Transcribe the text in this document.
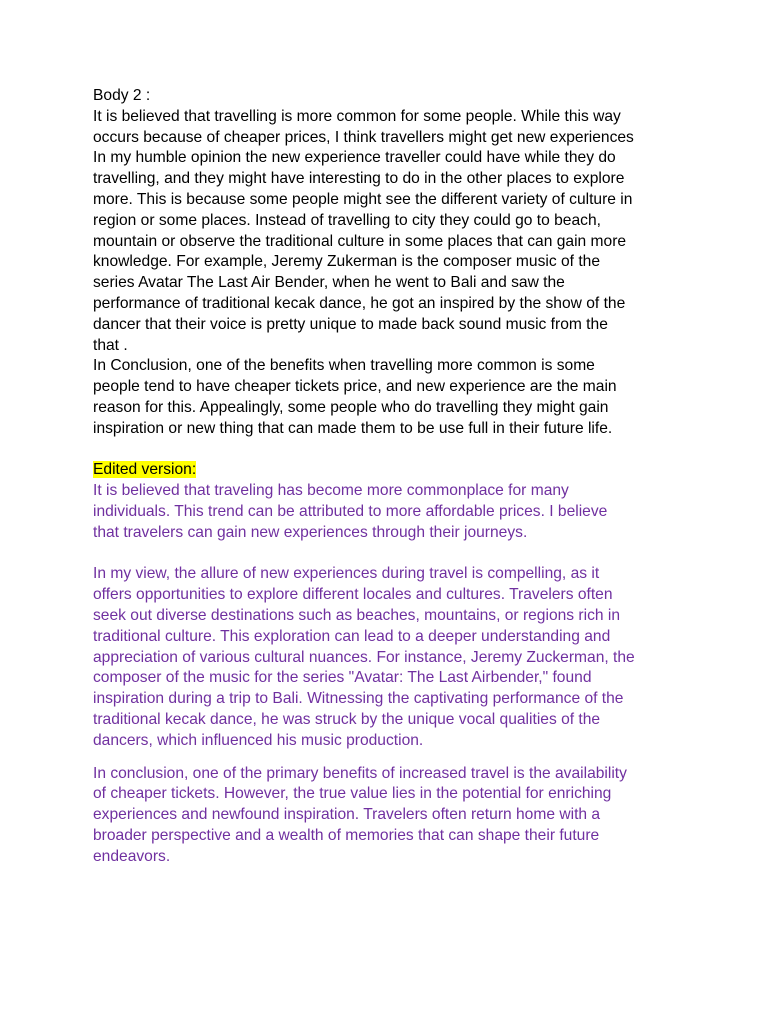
Body 2 :

It is believed that travelling is more common for some people. While this way
occurs because of cheaper prices, I think travellers might get new experiences
In my humble opinion the new experience traveller could have while they do
travelling, and they might have interesting to do in the other places to explore
more. This is because some people might see the different variety of culture in
region or some places. Instead of travelling to city they could go to beach,
mountain or observe the traditional culture in some places that can gain more
knowledge. For example, Jeremy Zukerman is the composer music of the
series Avatar The Last Air Bender, when he went to Bali and saw the
performance of traditional kecak dance, he got an inspired by the show of the
dancer that their voice is pretty unique to made back sound music from the
that .

In Conclusion, one of the benefits when travelling more common is some
people tend to have cheaper tickets price, and new experience are the main
reason for this. Appealingly, some people who do travelling they might gain
inspiration or new thing that can made them to be use full in their future life.

Edited version:

It is believed that traveling has become more commonplace for many
individuals. This trend can be attributed to more affordable prices. I believe
that travelers can gain new experiences through their journeys.

In my view, the allure of new experiences during travel is compelling, as it
offers opportunities to explore different locales and cultures. Travelers often
seek out diverse destinations such as beaches, mountains, or regions rich in
traditional culture. This exploration can lead to a deeper understanding and
appreciation of various cultural nuances. For instance, Jeremy Zuckerman, the
composer of the music for the series "Avatar: The Last Airbender," found
inspiration during a trip to Bali. Witnessing the captivating performance of the
traditional kecak dance, he was struck by the unique vocal qualities of the
dancers, which influenced his music production.

In conclusion, one of the primary benefits of increased travel is the availability
of cheaper tickets. However, the true value lies in the potential for enriching
experiences and newfound inspiration. Travelers often return home with a
broader perspective and a wealth of memories that can shape their future
endeavors.
